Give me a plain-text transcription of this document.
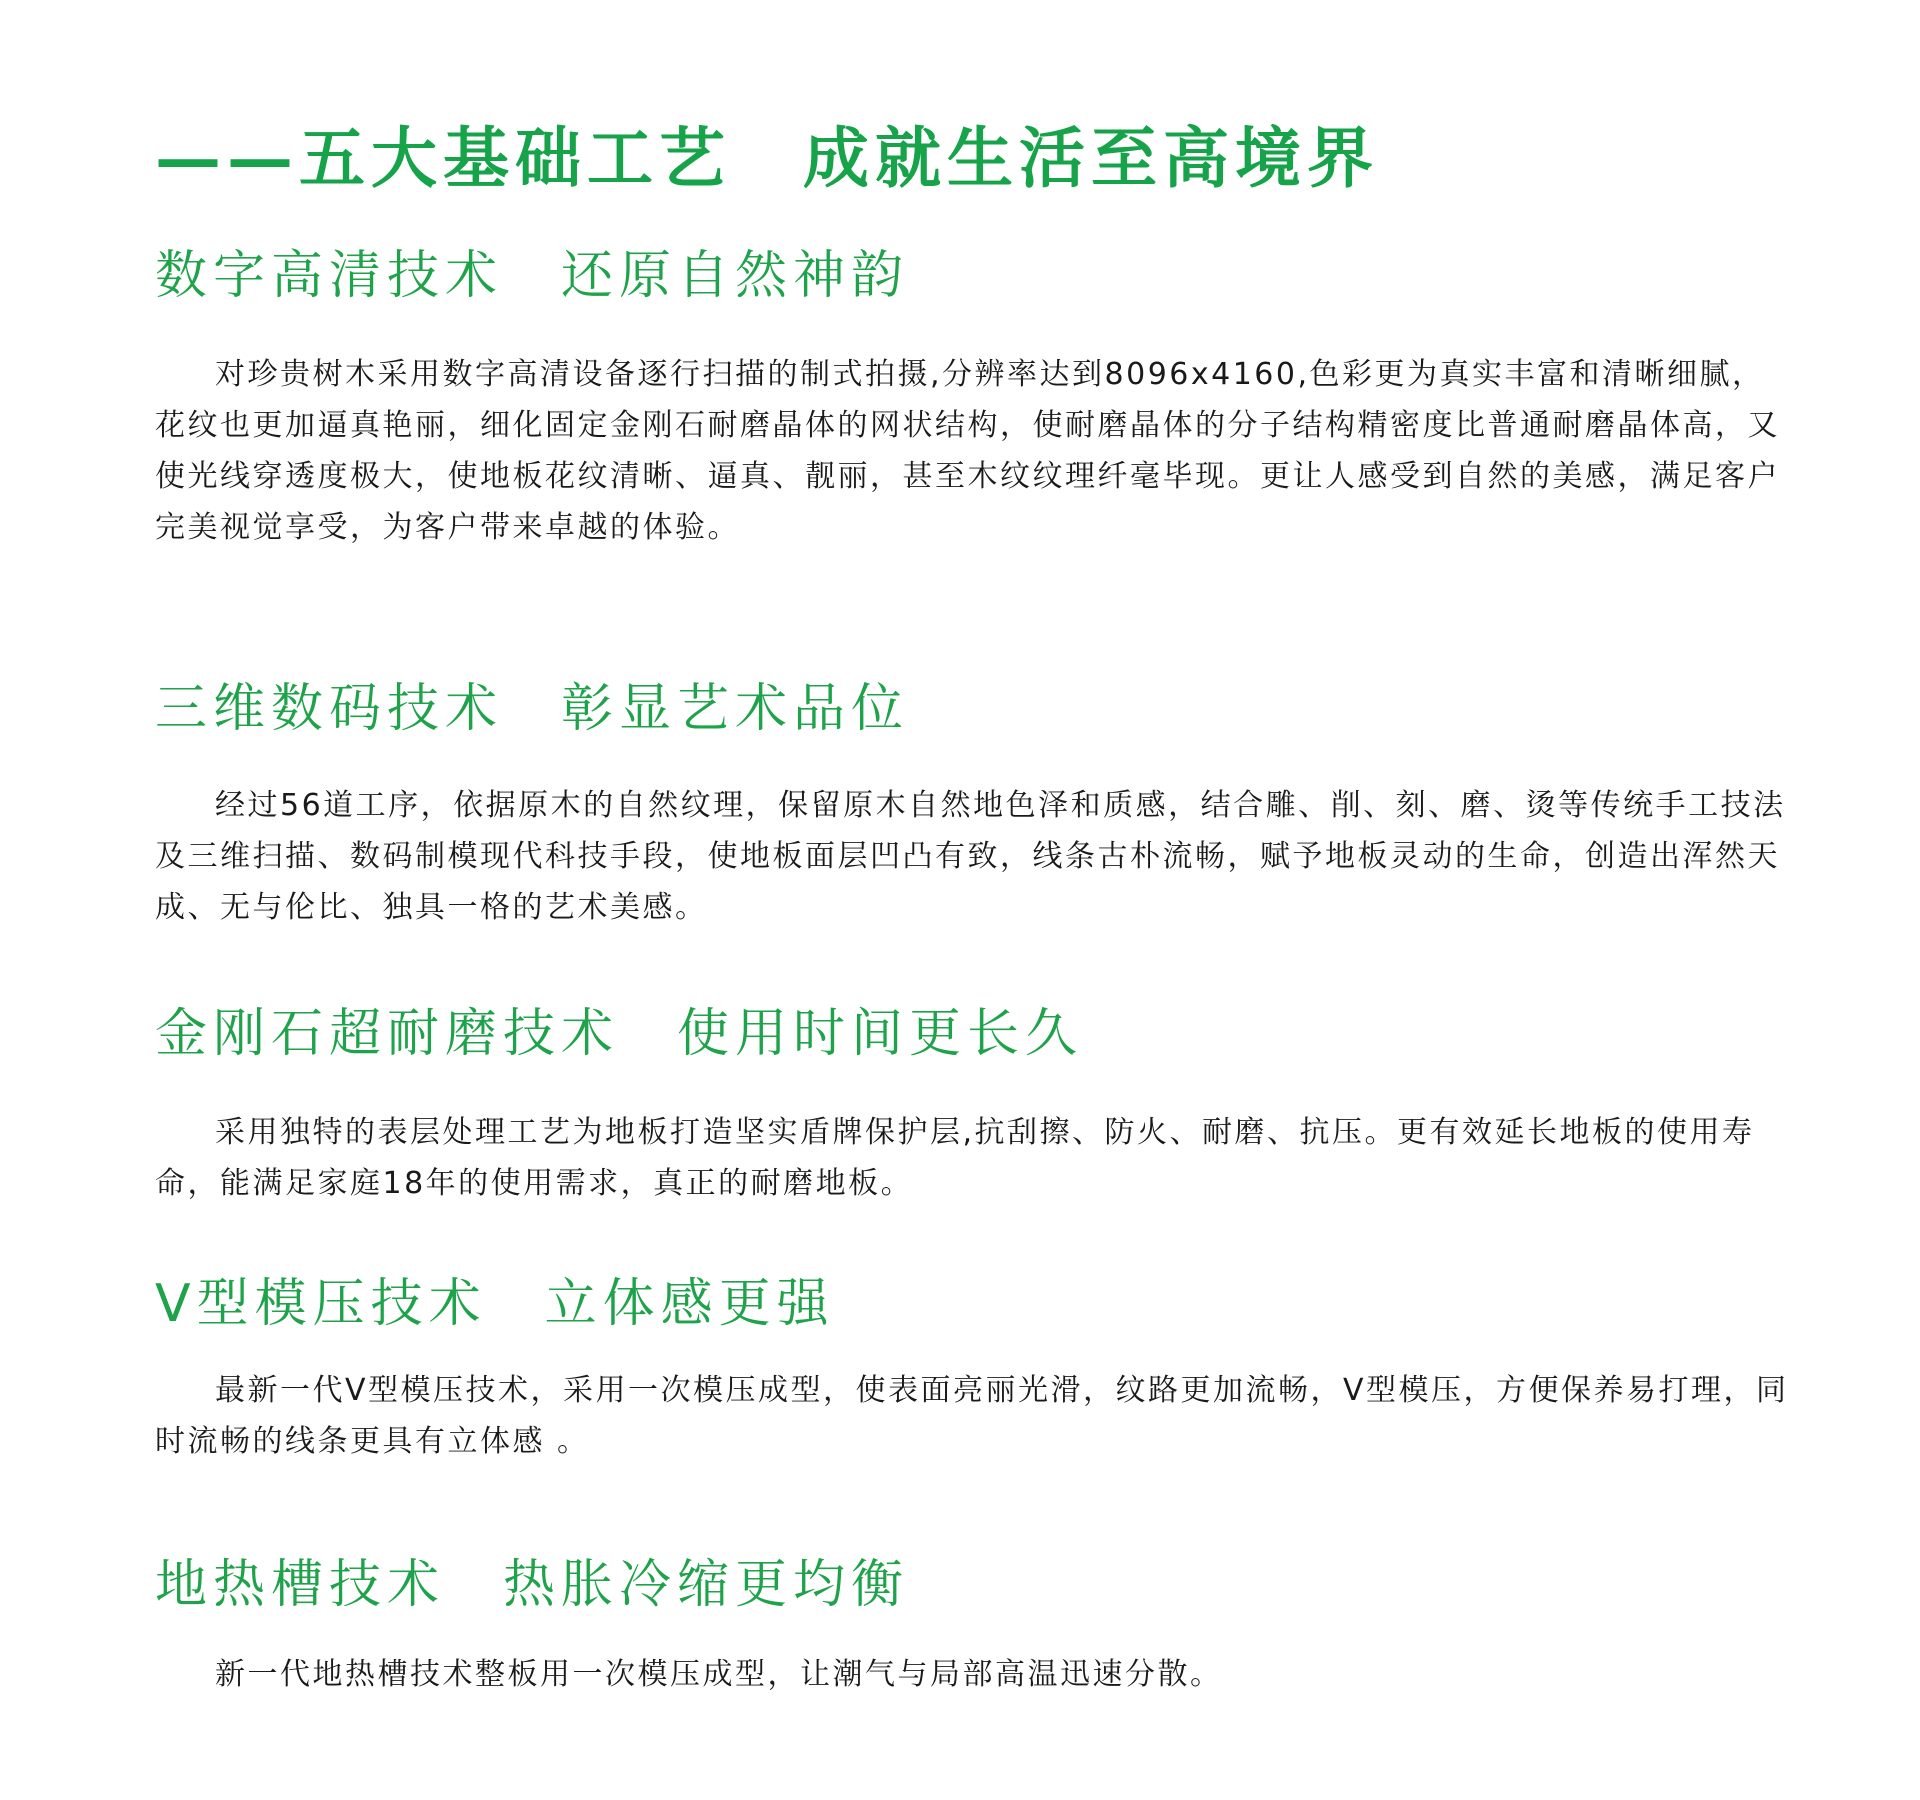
——五大基础工艺　成就生活至高境界
数字高清技术　还原自然神韵

对珍贵树木采用数字高清设备逐行扫描的制式拍摄,分辨率达到8096x4160,色彩更为真实丰富和清晰细腻，花纹也更加逼真艳丽，细化固定金刚石耐磨晶体的网状结构，使耐磨晶体的分子结构精密度比普通耐磨晶体高，又使光线穿透度极大，使地板花纹清晰、逼真、靓丽，甚至木纹纹理纤毫毕现。更让人感受到自然的美感，满足客户完美视觉享受，为客户带来卓越的体验。

三维数码技术　彰显艺术品位

经过56道工序，依据原木的自然纹理，保留原木自然地色泽和质感，结合雕、削、刻、磨、烫等传统手工技法及三维扫描、数码制模现代科技手段，使地板面层凹凸有致，线条古朴流畅，赋予地板灵动的生命，创造出浑然天成、无与伦比、独具一格的艺术美感。

金刚石超耐磨技术　使用时间更长久

采用独特的表层处理工艺为地板打造坚实盾牌保护层,抗刮擦、防火、耐磨、抗压。更有效延长地板的使用寿命，能满足家庭18年的使用需求，真正的耐磨地板。

V型模压技术　立体感更强

最新一代V型模压技术，采用一次模压成型，使表面亮丽光滑，纹路更加流畅，V型模压，方便保养易打理，同时流畅的线条更具有立体感 。

地热槽技术　热胀冷缩更均衡

新一代地热槽技术整板用一次模压成型，让潮气与局部高温迅速分散。
